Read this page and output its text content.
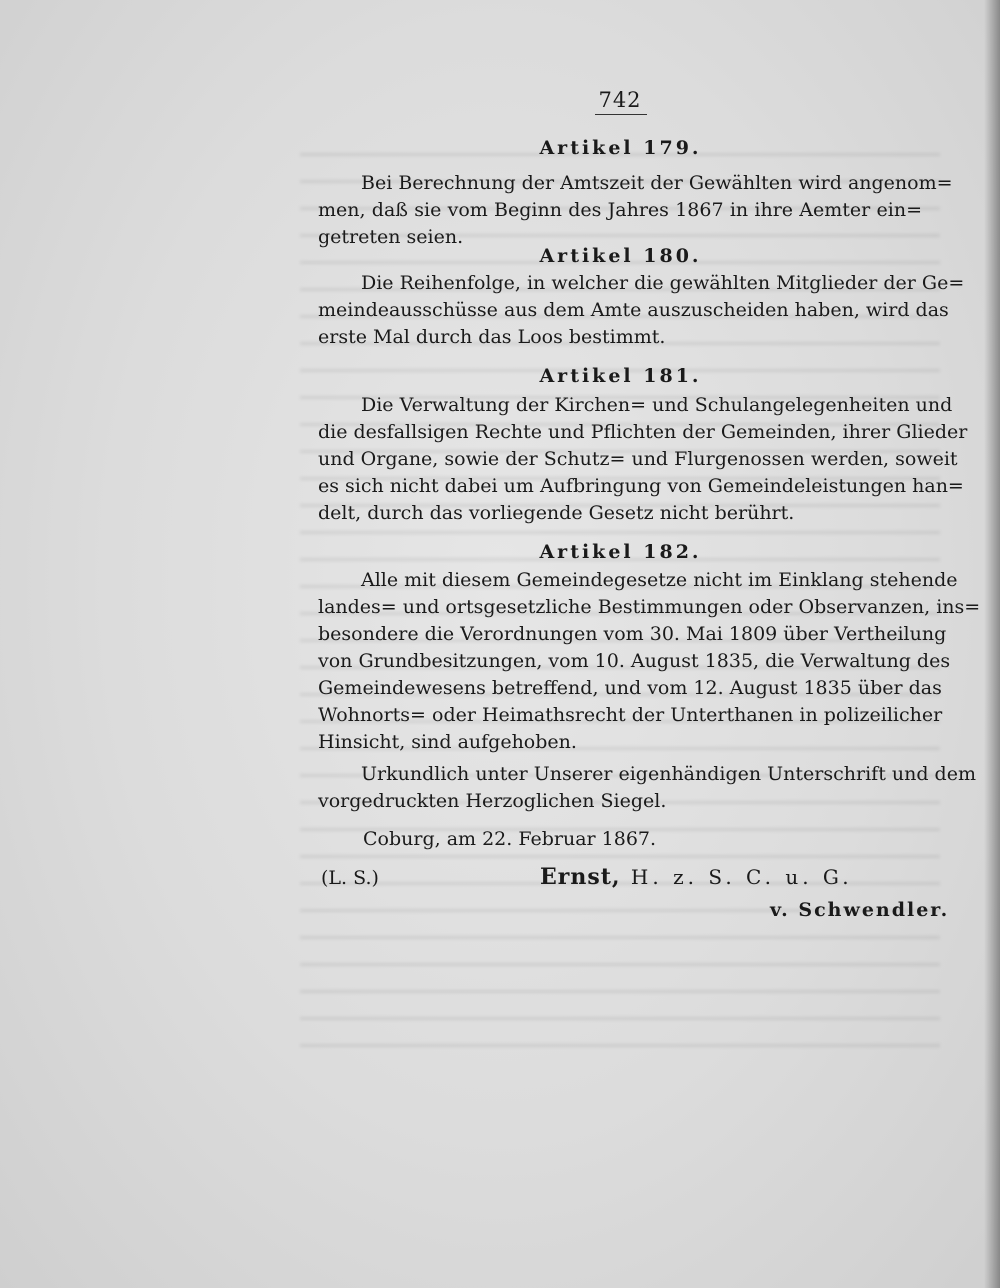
742
Artikel 179.
Bei Berechnung der Amtszeit der Gewählten wird angenom=
men, daß sie vom Beginn des Jahres 1867 in ihre Aemter ein=
getreten seien.
Artikel 180.
Die Reihenfolge, in welcher die gewählten Mitglieder der Ge=
meindeausschüsse aus dem Amte auszuscheiden haben, wird das
erste Mal durch das Loos bestimmt.
Artikel 181.
Die Verwaltung der Kirchen= und Schulangelegenheiten und
die desfallsigen Rechte und Pflichten der Gemeinden, ihrer Glieder
und Organe, sowie der Schutz= und Flurgenossen werden, soweit
es sich nicht dabei um Aufbringung von Gemeindeleistungen han=
delt, durch das vorliegende Gesetz nicht berührt.
Artikel 182.
Alle mit diesem Gemeindegesetze nicht im Einklang stehende
landes= und ortsgesetzliche Bestimmungen oder Observanzen, ins=
besondere die Verordnungen vom 30. Mai 1809 über Vertheilung
von Grundbesitzungen, vom 10. August 1835, die Verwaltung des
Gemeindewesens betreffend, und vom 12. August 1835 über das
Wohnorts= oder Heimathsrecht der Unterthanen in polizeilicher
Hinsicht, sind aufgehoben.
Urkundlich unter Unserer eigenhändigen Unterschrift und dem
vorgedruckten Herzoglichen Siegel.
Coburg, am 22. Februar 1867.
(L. S.)	Ernst, H. z. S. C. u. G.
v. Schwendler.
